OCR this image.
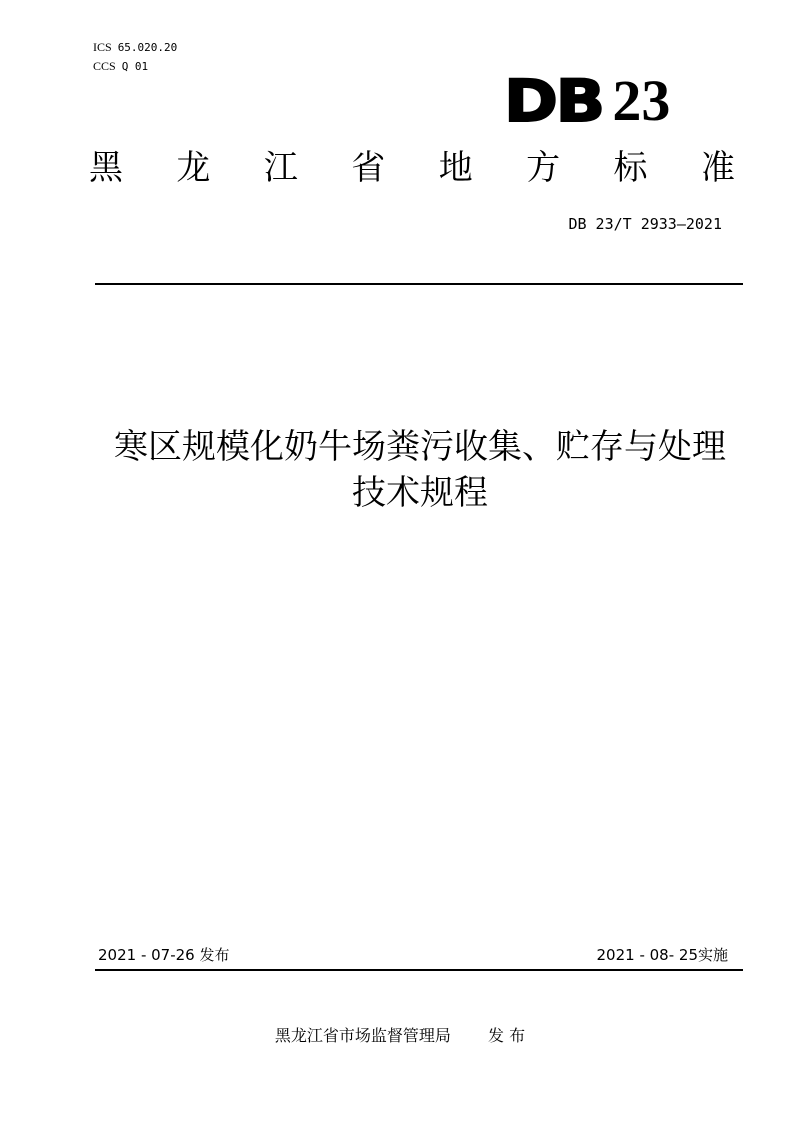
ICS 65.020.20
CCS Q 01
DB 23
黑 龙 江 省 地 方 标 准
DB 23/T 2933—2021
寒区规模化奶牛场粪污收集、贮存与处理
技术规程
2021 - 07-26 发布	2021 - 08- 25实施
黑龙江省市场监督管理局 发 布
